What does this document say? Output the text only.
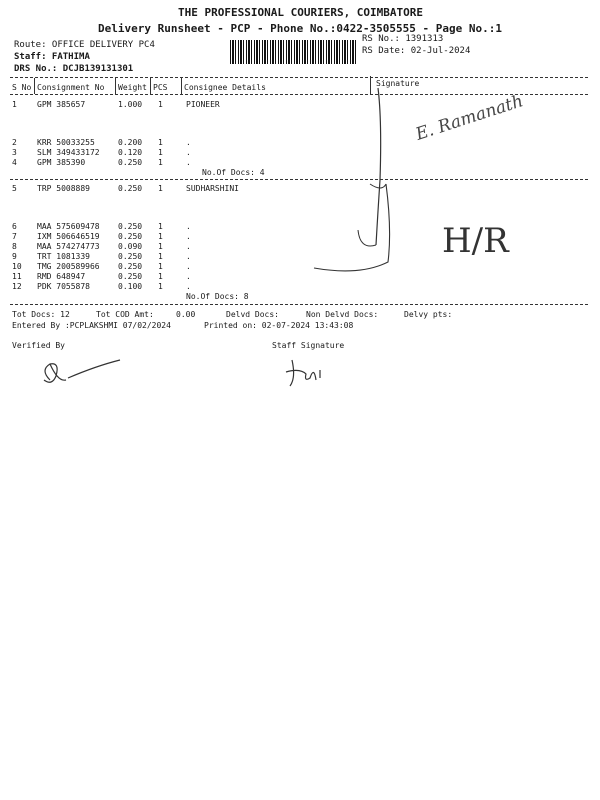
THE PROFESSIONAL COURIERS, COIMBATORE
Delivery Runsheet - PCP - Phone No.:0422-3505555 - Page No.:1
Route: OFFICE DELIVERY PC4
Staff: FATHIMA
DRS No.: DCJB139131301
RS No.: 1391313
RS Date: 02-Jul-2024
S No Consignment No Weight PCS Consignee Details	Signature
1	GPM 385657	1.000 1	PIONEER
2	KRR 50033255	0.200 1	.
3	SLM 349433172 0.120 1	.
4	GPM 385390	0.250 1	.
No.Of Docs: 4
5	TRP 5008889	0.250 1	SUDHARSHINI
6	MAA 575609478 0.250 1	.
7	IXM 506646519 0.250 1	.
8	MAA 574274773 0.090 1	.
9	TRT 1081339	0.250 1	.
10 TMG 200589966 0.250 1	.
11 RMD 648947	0.250 1	.
12 PDK 7055878	0.100 1	.
No.Of Docs: 8
E. Ramanath
H/R
Tot Docs: 12	Tot COD Amt:	0.00	Delvd Docs:	Non Delvd Docs:	Delvy pts:
Entered By :PCPLAKSHMI 07/02/2024	Printed on: 02-07-2024 13:43:08
Verified By	Staff Signature
